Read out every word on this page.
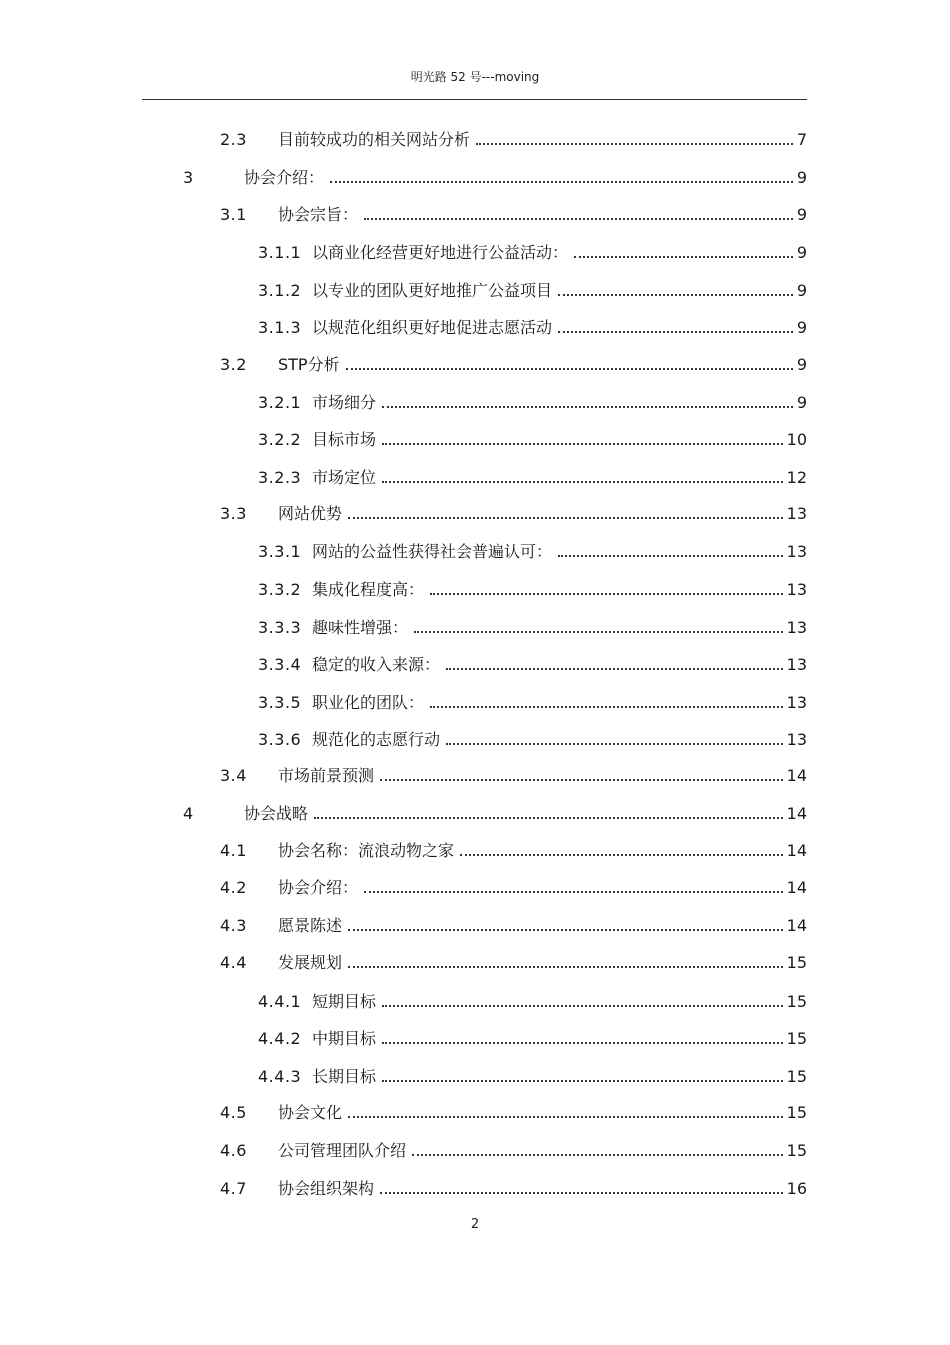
明光路 52 号---moving
2.3	目前较成功的相关网站分析	7
3	协会介绍：	9
3.1	协会宗旨：	9
3.1.1 以商业化经营更好地进行公益活动：	9
3.1.2 以专业的团队更好地推广公益项目	9
3.1.3 以规范化组织更好地促进志愿活动	9
3.2	STP分析	9
3.2.1 市场细分	9
3.2.2 目标市场	10
3.2.3 市场定位	12
3.3	网站优势	13
3.3.1 网站的公益性获得社会普遍认可：	13
3.3.2 集成化程度高：	13
3.3.3 趣味性增强：	13
3.3.4 稳定的收入来源：	13
3.3.5 职业化的团队：	13
3.3.6 规范化的志愿行动	13
3.4	市场前景预测	14
4	协会战略	14
4.1	协会名称：流浪动物之家	14
4.2	协会介绍：	14
4.3	愿景陈述	14
4.4	发展规划	15
4.4.1 短期目标	15
4.4.2 中期目标	15
4.4.3 长期目标	15
4.5	协会文化	15
4.6	公司管理团队介绍	15
4.7	协会组织架构	16
2
